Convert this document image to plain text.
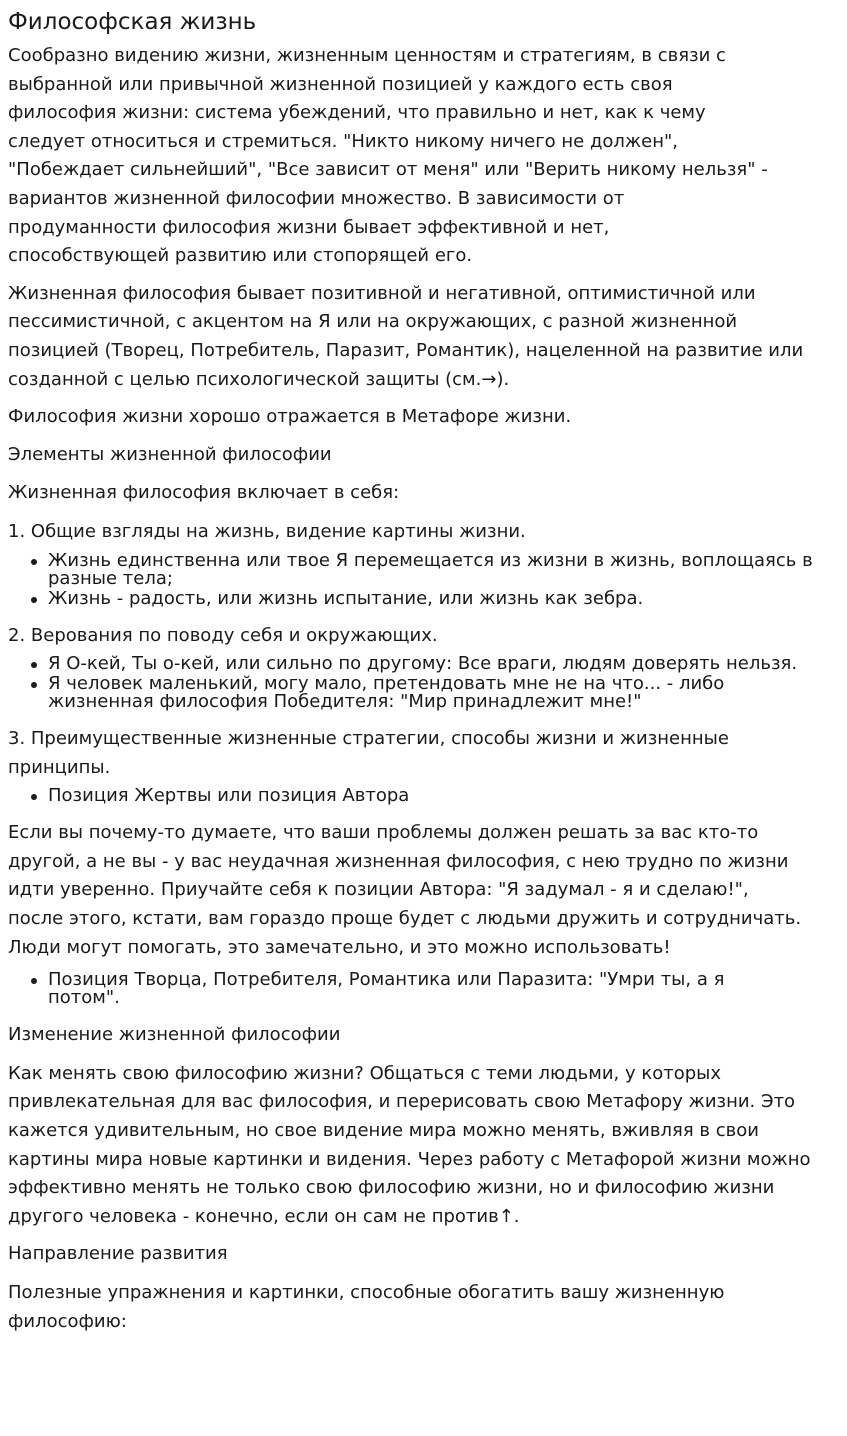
Философская жизнь

Сообразно видению жизни, жизненным ценностям и стратегиям, в связи с выбранной или привычной жизненной позицией у каждого есть своя философия жизни: система убеждений, что правильно и нет, как к чему следует относиться и стремиться. "Никто никому ничего не должен", "Побеждает сильнейший", "Все зависит от меня" или "Верить никому нельзя" - вариантов жизненной философии множество. В зависимости от продуманности философия жизни бывает эффективной и нет, способствующей развитию или стопорящей его.

Жизненная философия бывает позитивной и негативной, оптимистичной или пессимистичной, с акцентом на Я или на окружающих, с разной жизненной позицией (Творец, Потребитель, Паразит, Романтик), нацеленной на развитие или созданной с целью психологической защиты (см.→).

Философия жизни хорошо отражается в Метафоре жизни.

Элементы жизненной философии

Жизненная философия включает в себя:

1. Общие взгляды на жизнь, видение картины жизни.

Жизнь единственна или твое Я перемещается из жизни в жизнь, воплощаясь в разные тела;
Жизнь - радость, или жизнь испытание, или жизнь как зебра.

2. Верования по поводу себя и окружающих.

Я О-кей, Ты о-кей, или сильно по другому: Все враги, людям доверять нельзя.
Я человек маленький, могу мало, претендовать мне не на что... - либо жизненная философия Победителя: "Мир принадлежит мне!"

3. Преимущественные жизненные стратегии, способы жизни и жизненные принципы.

Позиция Жертвы или позиция Автора

Если вы почему-то думаете, что ваши проблемы должен решать за вас кто-то другой, а не вы - у вас неудачная жизненная философия, с нею трудно по жизни идти уверенно. Приучайте себя к позиции Автора: "Я задумал - я и сделаю!", после этого, кстати, вам гораздо проще будет с людьми дружить и сотрудничать. Люди могут помогать, это замечательно, и это можно использовать!

Позиция Творца, Потребителя, Романтика или Паразита: "Умри ты, а я потом".

Изменение жизненной философии

Как менять свою философию жизни? Общаться с теми людьми, у которых привлекательная для вас философия, и перерисовать свою Метафору жизни. Это кажется удивительным, но свое видение мира можно менять, вживляя в свои картины мира новые картинки и видения. Через работу с Метафорой жизни можно эффективно менять не только свою философию жизни, но и философию жизни другого человека - конечно, если он сам не против↑.

Направление развития

Полезные упражнения и картинки, способные обогатить вашу жизненную философию:
